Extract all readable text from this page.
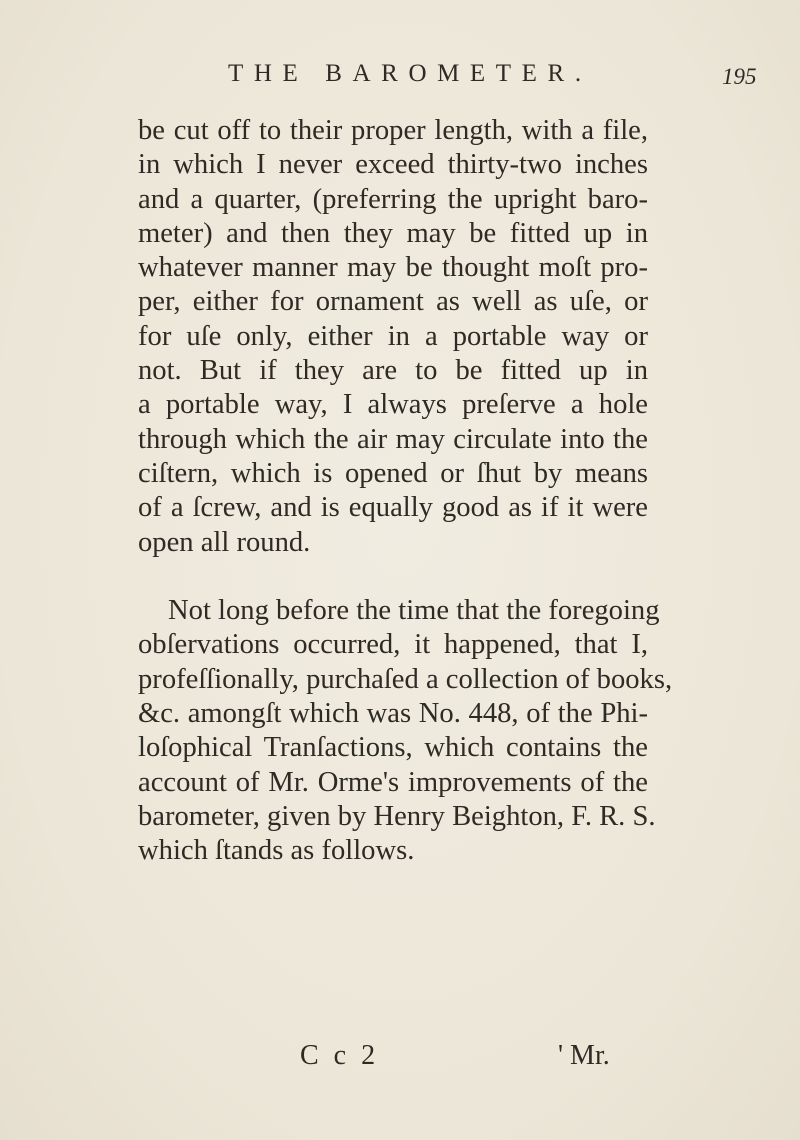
THE BAROMETER.	195
be cut off to their proper length, with a file,
in which I never exceed thirty-two inches
and a quarter, (preferring the upright baro-
meter) and then they may be fitted up in
whatever manner may be thought moſt pro-
per, either for ornament as well as uſe, or
for uſe only, either in a portable way or
not. But if they are to be fitted up in
a portable way, I always preſerve a hole
through which the air may circulate into the
ciſtern, which is opened or ſhut by means
of a ſcrew, and is equally good as if it were
open all round.
Not long before the time that the foregoing
obſervations occurred, it happened, that I,
profeſſionally, purchaſed a collection of books,
&c. amongſt which was No. 448, of the Phi-
loſophical Tranſactions, which contains the
account of Mr. Orme's improvements of the
barometer, given by Henry Beighton, F. R. S.
which ſtands as follows.
C c 2	' Mr.
